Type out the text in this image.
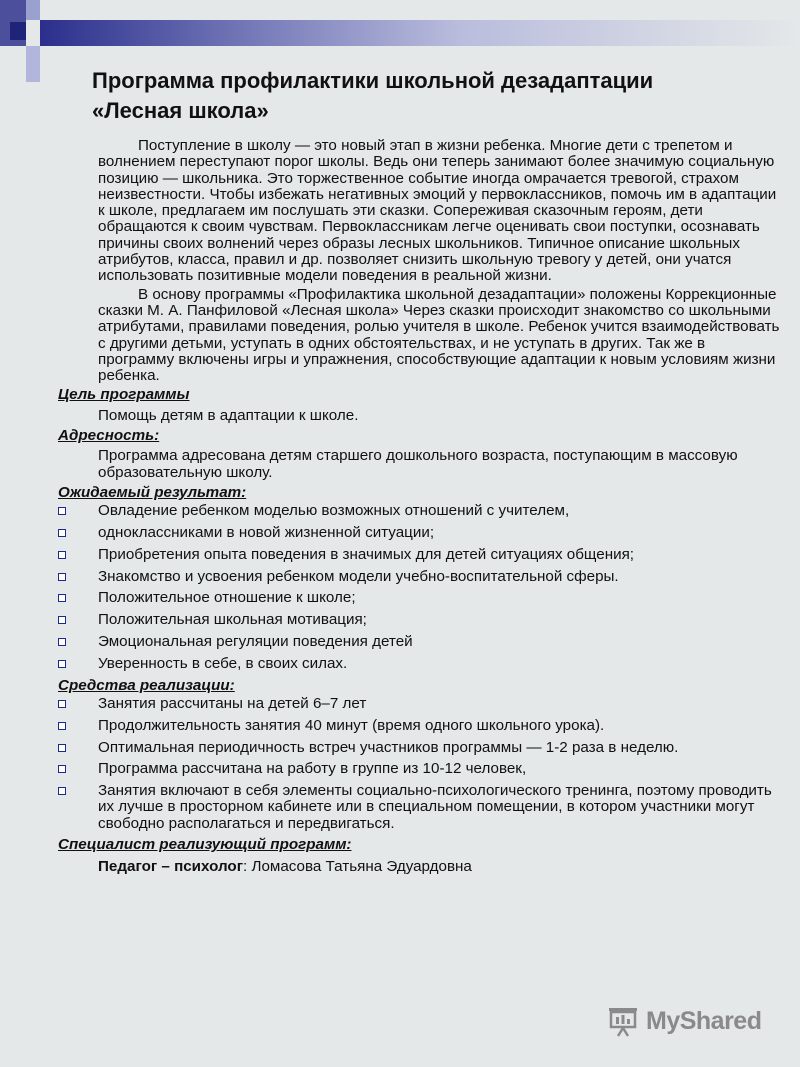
Программа профилактики школьной дезадаптации
«Лесная школа»

Поступление в школу — это новый этап в жизни ребенка. Многие дети с трепетом и волнением переступают порог школы. Ведь они теперь занимают более значимую социальную позицию — школьника. Это торжественное событие иногда омрачается тревогой, страхом неизвестности. Чтобы избежать негативных эмоций у первоклассников, помочь им в адаптации к школе, предлагаем им послушать эти сказки. Сопереживая сказочным героям, дети обращаются к своим чувствам. Первоклассникам легче оценивать свои поступки, осознавать причины своих волнений через образы лесных школьников. Типичное описание школьных атрибутов, класса, правил и др. позволяет снизить школьную тревогу у детей, они учатся использовать позитивные модели поведения в реальной жизни.

В основу программы «Профилактика школьной дезадаптации» положены Коррекционные сказки М. А. Панфиловой «Лесная школа» Через сказки происходит знакомство со школьными атрибутами, правилами поведения, ролью учителя в школе. Ребенок учится взаимодействовать с другими детьми, уступать в одних обстоятельствах, и не уступать в других. Так же в программу включены игры и упражнения, способствующие адаптации к новым условиям жизни ребенка.

Цель программы
Помощь детям в адаптации к школе.
Адресность:
Программа адресована детям старшего дошкольного возраста, поступающим в массовую образовательную школу.
Ожидаемый результат:
Овладение ребенком моделью возможных отношений с учителем,
одноклассниками в новой жизненной ситуации;
Приобретения опыта поведения в значимых для детей ситуациях общения;
Знакомство и усвоения ребенком модели учебно-воспитательной сферы.
Положительное отношение к школе;
Положительная школьная мотивация;
Эмоциональная регуляции поведения детей
Уверенность в себе, в своих силах.
Средства реализации:
Занятия рассчитаны на детей 6–7 лет
Продолжительность занятия 40 минут (время одного школьного урока).
Оптимальная периодичность встреч участников программы — 1-2 раза в неделю.
Программа рассчитана на работу в группе из 10-12 человек,
Занятия включают в себя элементы социально-психологического тренинга, поэтому проводить их лучше в просторном кабинете или в специальном помещении, в котором участники могут свободно располагаться и передвигаться.
Специалист реализующий программ:
Педагог – психолог: Ломасова Татьяна Эдуардовна
MyShared
